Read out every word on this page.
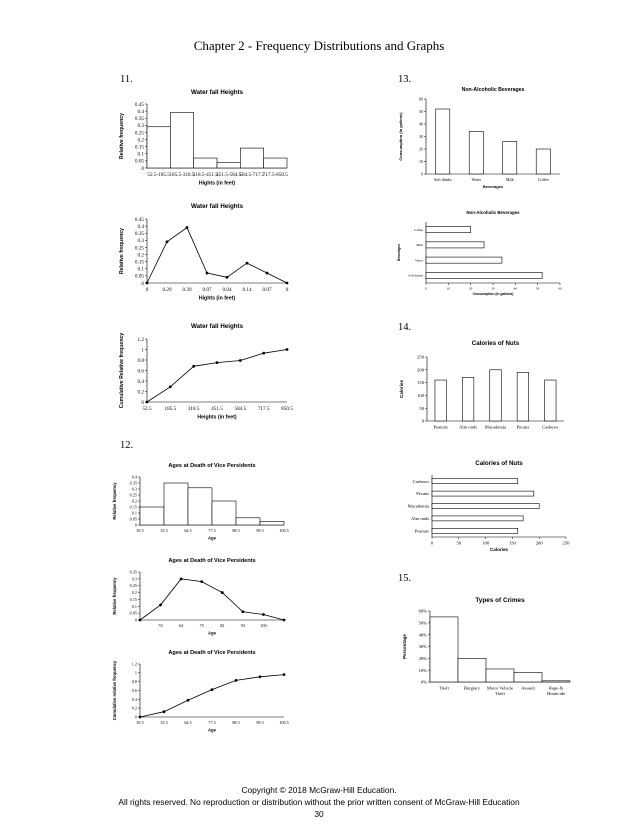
Chapter 2 - Frequency Distributions and Graphs
11.
12.
13.
14.
15.
Water fall Heights
0
0.05
0.1
0.15
0.2
0.25
0.3
0.35
0.4
0.45
52.5-185.5 185.5-318.5
318.5-451.5
451.5-584.5
584.5-717.5
717.5-850.5
Hights (in feet)
Relative frequency
Water fall Heights
0
0.05
0.1
0.15
0.2
0.25
0.3
0.35
0.4
0.45
0	0.29 0.39 0.07 0.04 0.14 0.07	0
Hights (in feet)
Relative frequency
Water fall Heights
0
0.2
0.4
0.6
0.8
1
1.2
52.5 185.5 318.5 451.5 584.5 717.5 850.5
Heights (in feet)
Cumulative Relative frequency
Ages at Death of Vice Persidents
0
0.05
0.1
0.15
0.2
0.25
0.3
0.35
0.4
39.5	53.5	64.5	77.5	88.5	99.5	106.5
Age
Relative frequency
Ages at Death of Vice Persidents
0
0.05
0.1
0.15
0.2
0.25
0.3
0.35
55	64	75	82	93	100
Age
Relative frequency
Ages at Death of Vice Persidents
0
0.2
0.4
0.6
0.8
1
1.2
39.5	53.5	64.5	77.5	88.5	99.5	106.5
Age
Cumulative relative frequency
Non-Alcoholic Beverages
0
10
20
30
40
50
60
Soft drinks	Water	Milk	Coffee
Beverages
Consumption (in gallons)
Non-Alcoholic Beverages
0	10	20	30	40	50	60
Coffee
Milk
Water
Soft drinks
Consumption (in gallons)
Beverages
Calories of Nuts
0
50
100
150
200
250
Peanuts Alm onds Macadamia Pecans	Cashews
Calories
Calories of Nuts
0	50	100	150	200	250
Cashews
Pecans
Macadamia
Alm onds
Peanuts
Calories
Types of Crimes
0%
10%
20%
30%
40%
50%
60%
Theft	Burglary Motor Vehicle
Theft
Assault	Rape &
Homicide
Percentage
Copyright © 2018 McGraw-Hill Education.
All rights reserved. No reproduction or distribution without the prior written consent of McGraw-Hill Education
30
